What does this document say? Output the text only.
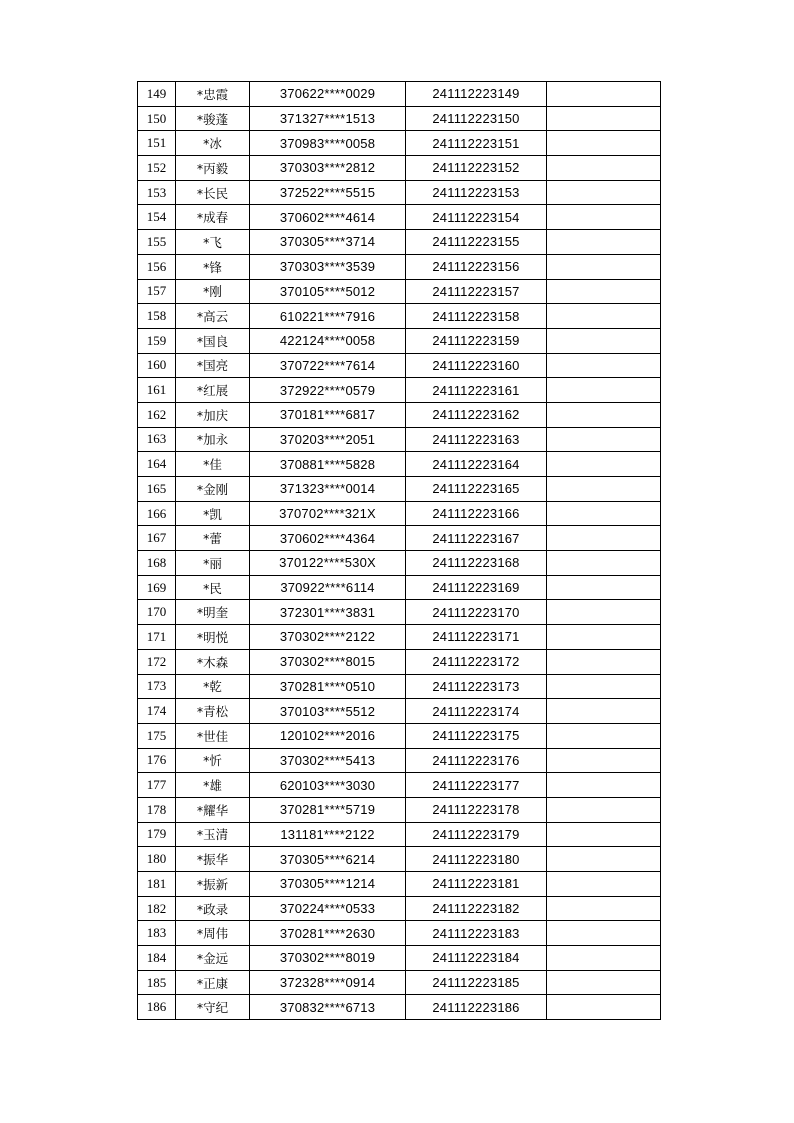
149	*忠霞	370622****0029	241112223149	
150	*骏蓬	371327****1513	241112223150	
151	*冰	370983****0058	241112223151	
152	*丙毅	370303****2812	241112223152	
153	*长民	372522****5515	241112223153	
154	*成春	370602****4614	241112223154	
155	*飞	370305****3714	241112223155	
156	*锋	370303****3539	241112223156	
157	*刚	370105****5012	241112223157	
158	*高云	610221****7916	241112223158	
159	*国良	422124****0058	241112223159	
160	*国亮	370722****7614	241112223160	
161	*红展	372922****0579	241112223161	
162	*加庆	370181****6817	241112223162	
163	*加永	370203****2051	241112223163	
164	*佳	370881****5828	241112223164	
165	*金刚	371323****0014	241112223165	
166	*凯	370702****321X	241112223166	
167	*蕾	370602****4364	241112223167	
168	*丽	370122****530X	241112223168	
169	*民	370922****6114	241112223169	
170	*明奎	372301****3831	241112223170	
171	*明悦	370302****2122	241112223171	
172	*木森	370302****8015	241112223172	
173	*乾	370281****0510	241112223173	
174	*青松	370103****5512	241112223174	
175	*世佳	120102****2016	241112223175	
176	*忻	370302****5413	241112223176	
177	*雄	620103****3030	241112223177	
178	*耀华	370281****5719	241112223178	
179	*玉清	131181****2122	241112223179	
180	*振华	370305****6214	241112223180	
181	*振新	370305****1214	241112223181	
182	*政录	370224****0533	241112223182	
183	*周伟	370281****2630	241112223183	
184	*金远	370302****8019	241112223184	
185	*正康	372328****0914	241112223185	
186	*守纪	370832****6713	241112223186	
